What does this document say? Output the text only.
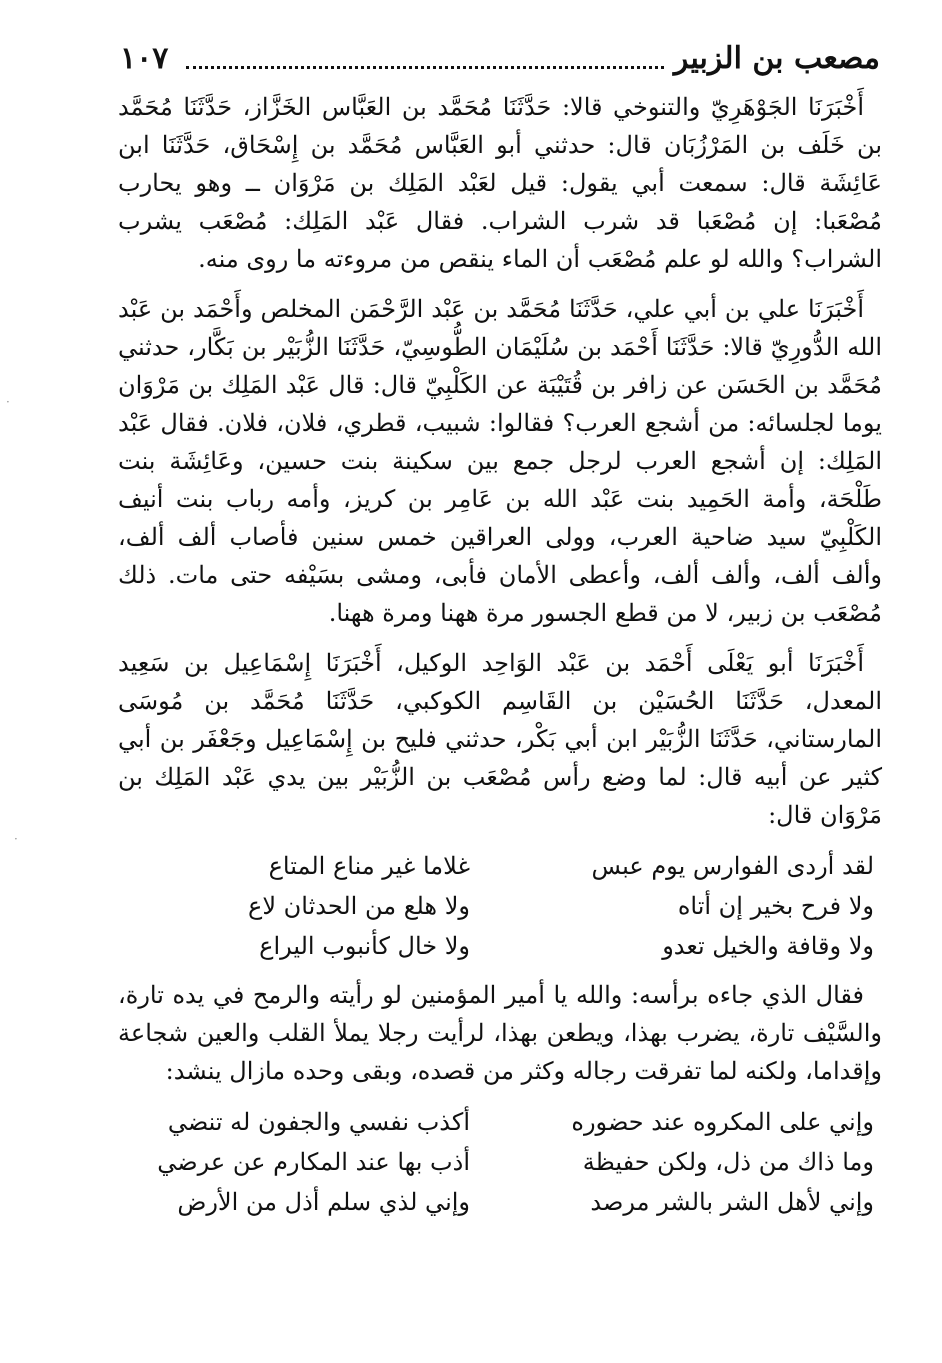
١٠٧	مصعب بن الزبير

أَخْبَرَنَا الجَوْهَرِيّ والتنوخي قالا: حَدَّثَنَا مُحَمَّد بن العَبَّاس الخَزَّاز، حَدَّثَنَا مُحَمَّد بن خَلَف بن المَرْزُبَان قال: حدثني أبو العَبَّاس مُحَمَّد بن إِسْحَاق، حَدَّثَنَا ابن عَائِشَة قال: سمعت أبي يقول: قيل لعَبْد المَلِك بن مَرْوَان ــ وهو يحارب مُصْعَبا: إن مُصْعَبا قد شرب الشراب. فقال عَبْد المَلِك: مُصْعَب يشرب الشراب؟ والله لو علم مُصْعَب أن الماء ينقص من مروءته ما روى منه.

أَخْبَرَنَا علي بن أبي علي، حَدَّثَنَا مُحَمَّد بن عَبْد الرَّحْمَن المخلص وأَحْمَد بن عَبْد الله الدُّورِيّ قالا: حَدَّثَنَا أَحْمَد بن سُلَيْمَان الطُّوسِيّ، حَدَّثَنَا الزُّبَيْر بن بَكَّار، حدثني مُحَمَّد بن الحَسَن عن زافر بن قُتَيْبَة عن الكَلْبِيّ قال: قال عَبْد المَلِك بن مَرْوَان يوما لجلسائه: من أشجع العرب؟ فقالوا: شبيب، قطري، فلان، فلان. فقال عَبْد المَلِك: إن أشجع العرب لرجل جمع بين سكينة بنت حسين، وعَائِشَة بنت طَلْحَة، وأمة الحَمِيد بنت عَبْد الله بن عَامِر بن كريز، وأمه رباب بنت أنيف الكَلْبِيّ سيد ضاحية العرب، وولى العراقين خمس سنين فأصاب ألف ألف، وألف ألف، وألف ألف، وأعطى الأمان فأبى، ومشى بسَيْفه حتى مات. ذلك مُصْعَب بن زبير، لا من قطع الجسور مرة ههنا ومرة ههنا.

أَخْبَرَنَا أبو يَعْلَى أَحْمَد بن عَبْد الوَاحِد الوكيل، أَخْبَرَنَا إِسْمَاعِيل بن سَعِيد المعدل، حَدَّثَنَا الحُسَيْن بن القَاسِم الكوكبي، حَدَّثَنَا مُحَمَّد بن مُوسَى المارستاني، حَدَّثَنَا الزُّبَيْر ابن أبي بَكْر، حدثني فليح بن إِسْمَاعِيل وجَعْفَر بن أبي كثير عن أبيه قال: لما وضع رأس مُصْعَب بن الزُّبَيْر بين يدي عَبْد المَلِك بن مَرْوَان قال:

لقد أردى الفوارس يوم عبس
غلاما غير مناع المتاع
ولا فرح بخير إن أتاه
ولا هلع من الحدثان لاع
ولا وقافة والخيل تعدو
ولا خال كأنبوب اليراع

فقال الذي جاءه برأسه: والله يا أمير المؤمنين لو رأيته والرمح في يده تارة، والسَّيْف تارة، يضرب بهذا، ويطعن بهذا، لرأيت رجلا يملأ القلب والعين شجاعة وإقداما، ولكنه لما تفرقت رجاله وكثر من قصده، وبقى وحده مازال ينشد:

وإني على المكروه عند حضوره
أكذب نفسي والجفون له تنضي
وما ذاك من ذل، ولكن حفيظة
أذب بها عند المكارم عن عرضي
وإني لأهل الشر بالشر مرصد
وإني لذي سلم أذل من الأرض
·
·
